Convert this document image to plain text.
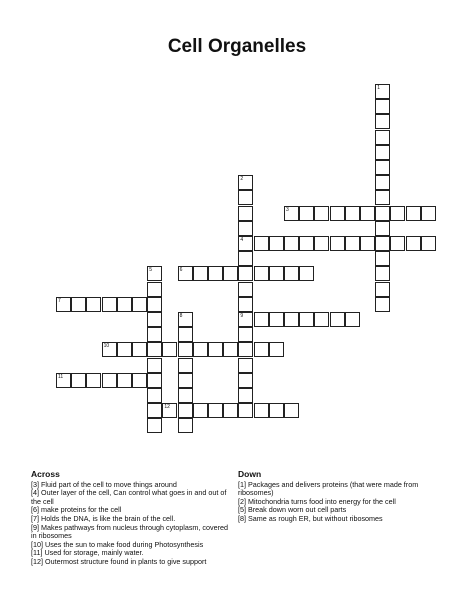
Cell Organelles
1
2
4
9
3
5	6
7
8
10
11
12
Across

[3] Fluid part of the cell to move things around

[4] Outer layer of the cell, Can control what goes in and out of the cell

[6] make proteins for the cell

[7] Holds the DNA, is like the brain of the cell.

[9] Makes pathways from nucleus through cytoplasm, covered in ribosomes

[10] Uses the sun to make food during Photosynthesis

[11] Used for storage, mainly water.

[12] Outermost structure found in plants to give support

Down

[1] Packages and delivers proteins (that were made from ribosomes)

[2] Mitochondria turns food into energy for the cell

[5] Break down worn out cell parts

[8] Same as rough ER, but without ribosomes
